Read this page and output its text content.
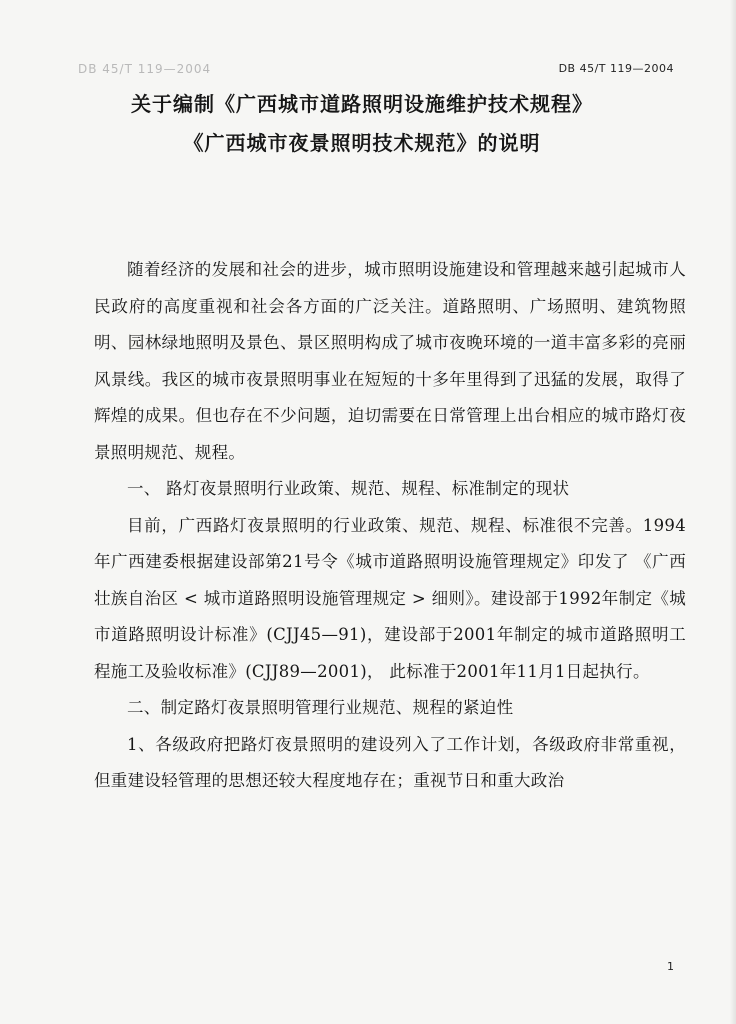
DB 45/T 119—2004	DB 45/T 119—2004
关于编制《广西城市道路照明设施维护技术规程》
《广西城市夜景照明技术规范》的说明

随着经济的发展和社会的进步，城市照明设施建设和管理越来越引起城市人民政府的高度重视和社会各方面的广泛关注。道路照明、广场照明、建筑物照明、园林绿地照明及景色、景区照明构成了城市夜晚环境的一道丰富多彩的亮丽风景线。我区的城市夜景照明事业在短短的十多年里得到了迅猛的发展，取得了辉煌的成果。但也存在不少问题，迫切需要在日常管理上出台相应的城市路灯夜景照明规范、规程。

一、 路灯夜景照明行业政策、规范、规程、标准制定的现状

目前，广西路灯夜景照明的行业政策、规范、规程、标准很不完善。1994年广西建委根据建设部第21号令《城市道路照明设施管理规定》印发了 《广西壮族自治区 < 城市道路照明设施管理规定 > 细则》。建设部于1992年制定《城市道路照明设计标准》(CJJ45—91)，建设部于2001年制定的城市道路照明工程施工及验收标准》(CJJ89—2001)， 此标准于2001年11月1日起执行。

二、制定路灯夜景照明管理行业规范、规程的紧迫性

1、各级政府把路灯夜景照明的建设列入了工作计划，各级政府非常重视，但重建设轻管理的思想还较大程度地存在；重视节日和重大政治

1
